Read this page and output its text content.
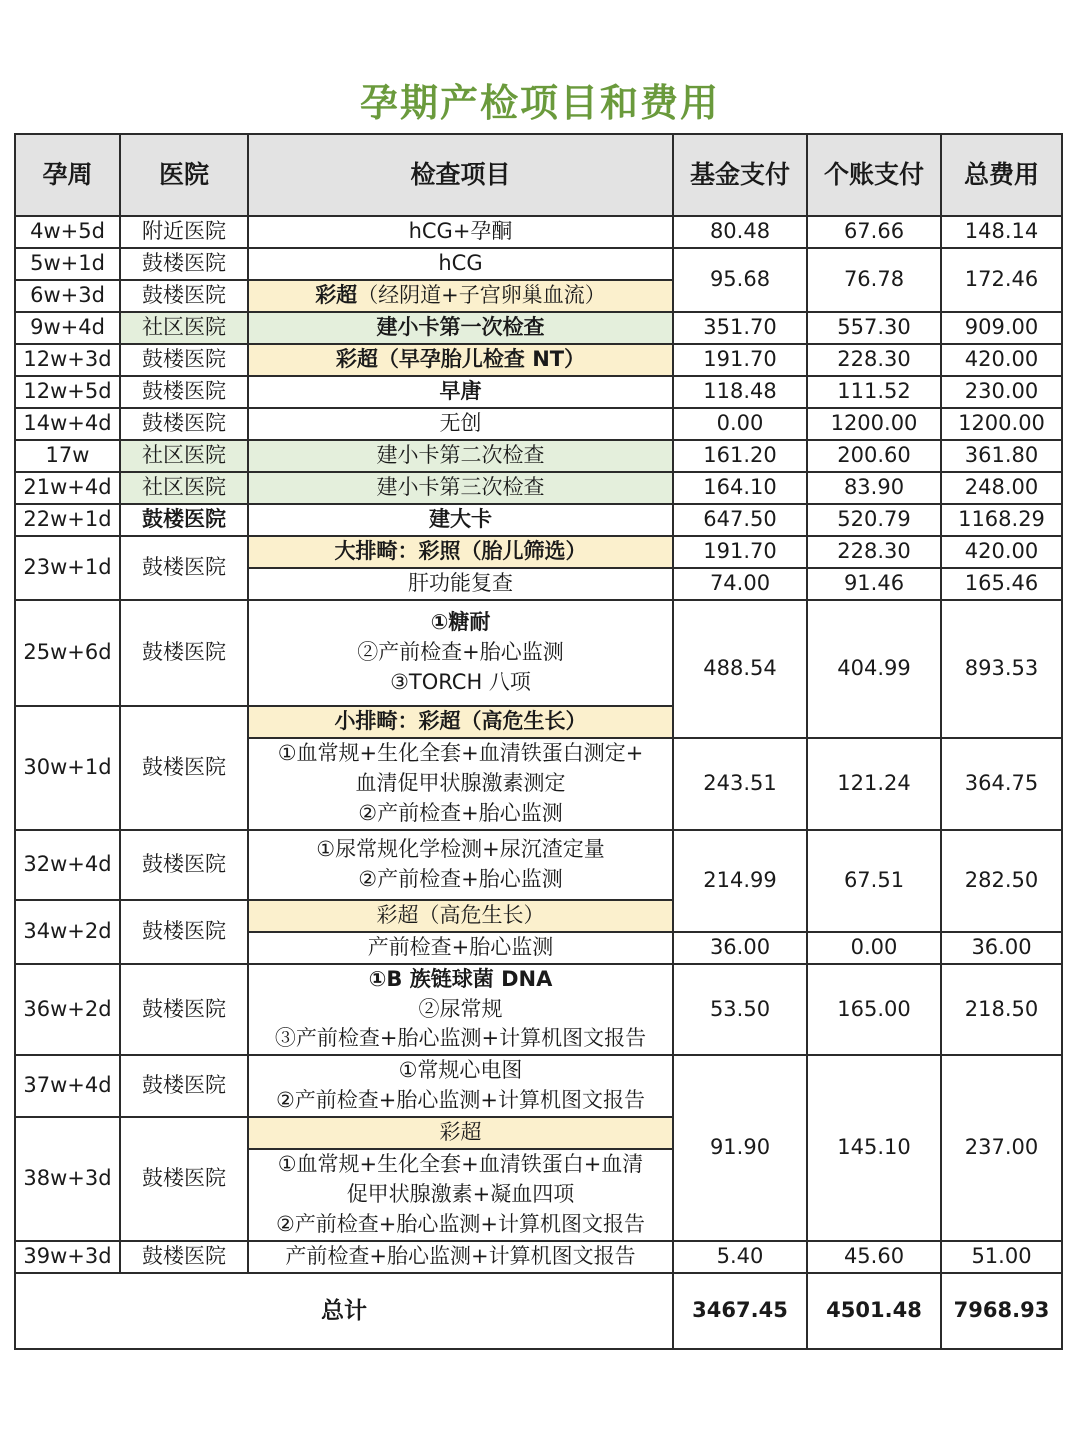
孕期产检项目和费用
孕周	医院	检查项目	基金支付	个账支付	总费用
4w+5d	附近医院	hCG+孕酮	80.48	67.66	148.14
5w+1d	鼓楼医院	hCG	95.68	76.78	172.46
6w+3d	鼓楼医院	彩超（经阴道+子宫卵巢血流）			
9w+4d	社区医院	建小卡第一次检查	351.70	557.30	909.00
12w+3d	鼓楼医院	彩超（早孕胎儿检查 NT）	191.70	228.30	420.00
12w+5d	鼓楼医院	早唐	118.48	111.52	230.00
14w+4d	鼓楼医院	无创	0.00	1200.00	1200.00
17w	社区医院	建小卡第二次检查	161.20	200.60	361.80
21w+4d	社区医院	建小卡第三次检查	164.10	83.90	248.00
22w+1d	鼓楼医院	建大卡	647.50	520.79	1168.29
23w+1d	鼓楼医院	大排畸：彩照（胎儿筛选）	191.70	228.30	420.00
		肝功能复查	74.00	91.46	165.46
25w+6d	鼓楼医院	①糖耐
②产前检查+胎心监测
③TORCH 八项	488.54	404.99	893.53
30w+1d	鼓楼医院	小排畸：彩超（高危生长）			

		①血常规+生化全套+血清铁蛋白测定+
血清促甲状腺激素测定
②产前检查+胎心监测	243.51	121.24	364.75
32w+4d	鼓楼医院	①尿常规化学检测+尿沉渣定量
②产前检查+胎心监测	214.99	67.51	282.50
34w+2d	鼓楼医院	彩超（高危生长）			
		产前检查+胎心监测	36.00	0.00	36.00
36w+2d	鼓楼医院	①B 族链球菌 DNA
②尿常规
③产前检查+胎心监测+计算机图文报告	53.50	165.00	218.50
37w+4d	鼓楼医院	①常规心电图
②产前检查+胎心监测+计算机图文报告	91.90	145.10	237.00
38w+3d	鼓楼医院	彩超			

		①血常规+生化全套+血清铁蛋白+血清
促甲状腺激素+凝血四项
②产前检查+胎心监测+计算机图文报告			

39w+3d	鼓楼医院	产前检查+胎心监测+计算机图文报告	5.40	45.60	51.00
总计			3467.45	4501.48	7968.93
